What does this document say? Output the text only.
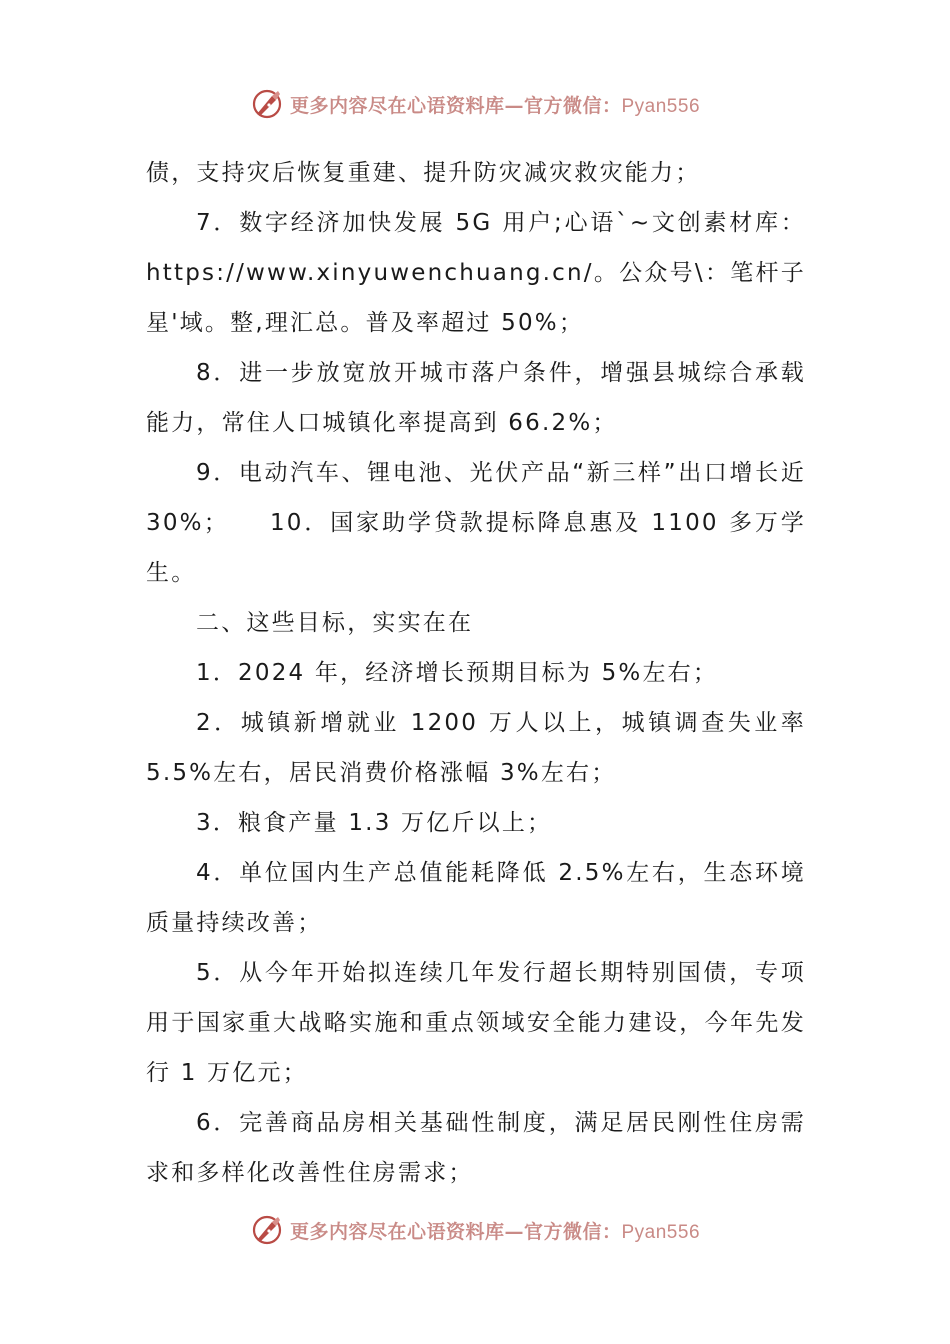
更多内容尽在心语资料库—官方微信：Pyan556

债，支持灾后恢复重建、提升防灾减灾救灾能力；

7．数字经济加快发展 5G 用户;心语`~文创素材库：https://www.xinyuwenchuang.cn/。公众号\：笔杆子星'域。整,理汇总。普及率超过 50%；

8．进一步放宽放开城市落户条件，增强县城综合承载能力，常住人口城镇化率提高到 66.2%；

9．电动汽车、锂电池、光伏产品“新三样”出口增长近 30%；　　10．国家助学贷款提标降息惠及 1100 多万学生。

二、这些目标，实实在在

1．2024 年，经济增长预期目标为 5%左右；

2．城镇新增就业 1200 万人以上，城镇调查失业率 5.5%左右，居民消费价格涨幅 3%左右；

3．粮食产量 1.3 万亿斤以上；

4．单位国内生产总值能耗降低 2.5%左右，生态环境质量持续改善；

5．从今年开始拟连续几年发行超长期特别国债，专项用于国家重大战略实施和重点领域安全能力建设，今年先发行 1 万亿元；

6．完善商品房相关基础性制度，满足居民刚性住房需求和多样化改善性住房需求；

更多内容尽在心语资料库—官方微信：Pyan556
